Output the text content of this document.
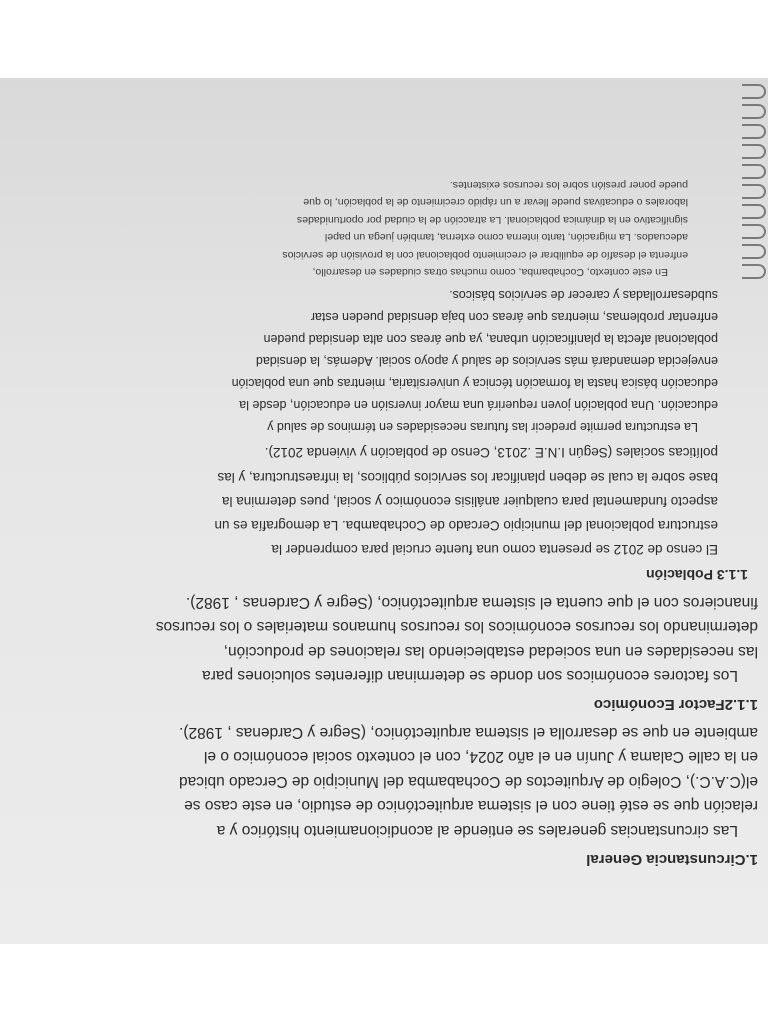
1.Circunstancia General
Las circunstancias generales se entiende al acondicionamiento histórico y a
relación que se esté tiene con el sistema arquitectónico de estudio, en este caso se
el(C.A.C.), Colegio de Arquitectos de Cochabamba del Municipio de Cercado ubicad
en la calle Calama y Junín en el año 2024, con el contexto social económico o el
ambiente en que se desarrolla el sistema arquitectónico, (Segre y Cardenas , 1982).
1.1.2Factor Económico
Los factores económicos son donde se determinan diferentes soluciones para
las necesidades en una sociedad estableciendo las relaciones de producción,
determinando los recursos económicos los recursos humanos materiales o los recursos
financieros con el que cuenta el sistema arquitectónico, (Segre y Cardenas , 1982).
1.1.3 Población
El censo de 2012 se presenta como una fuente crucial para comprender la
estructura poblacional del municipio Cercado de Cochabamba. La demografía es un
aspecto fundamental para cualquier análisis económico y social, pues determina la
base sobre la cual se deben planificar los servicios públicos, la infraestructura, y las
políticas sociales (Según I.N.E .2013, Censo de población y vivienda 2012).
La estructura permite predecir las futuras necesidades en términos de salud y
educación. Una población joven requerirá una mayor inversión en educación, desde la
educación básica hasta la formación técnica y universitaria, mientras que una población
envejecida demandará más servicios de salud y apoyo social. Además, la densidad
poblacional afecta la planificación urbana, ya que áreas con alta densidad pueden
enfrentar problemas, mientras que áreas con baja densidad pueden estar
subdesarrolladas y carecer de servicios básicos.
En este contexto, Cochabamba, como muchas otras ciudades en desarrollo,
enfrenta el desafío de equilibrar el crecimiento poblacional con la provisión de servicios
adecuados. La migración, tanto interna como externa, también juega un papel
significativo en la dinámica poblacional. La atracción de la ciudad por oportunidades
laborales o educativas puede llevar a un rápido crecimiento de la población, lo que
puede poner presión sobre los recursos existentes.
